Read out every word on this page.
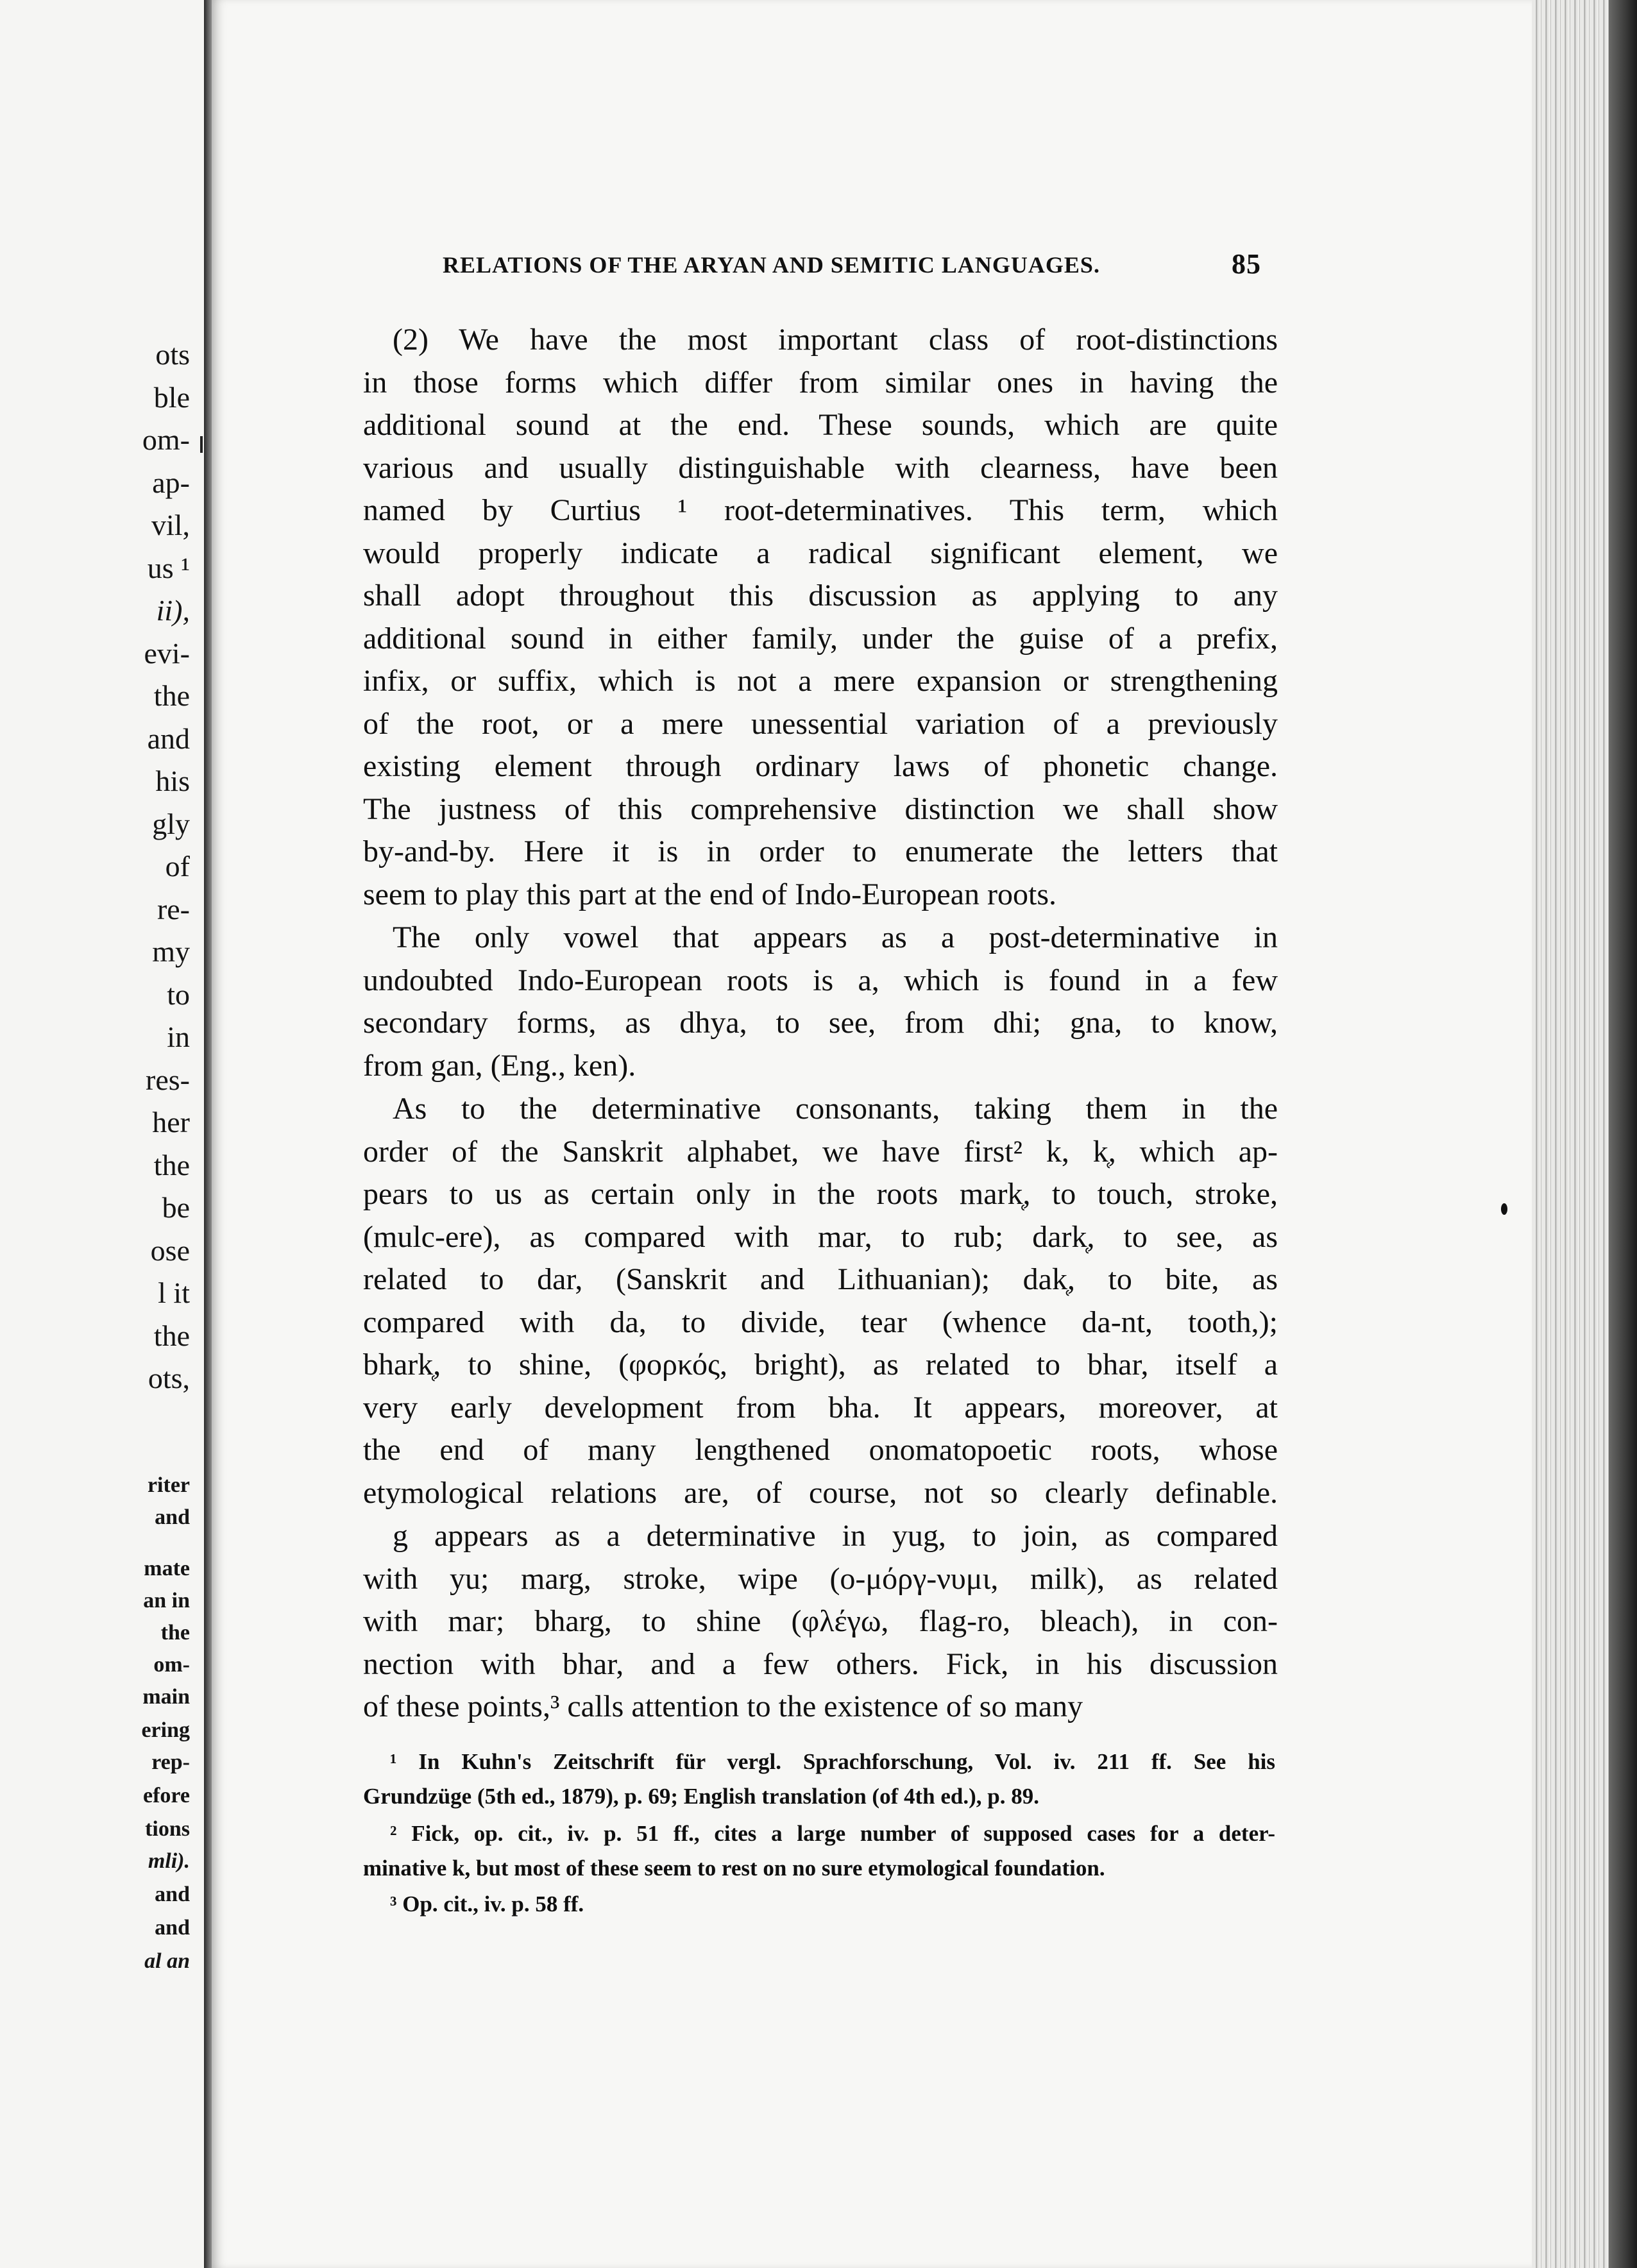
ots
ble
om-
ap-
vil,
us ¹
ii),
evi-
the
and
his
gly
of
re-
my
to
in
res-
her
the
be
ose
l it
the
ots,
riter
and
mate
an in
the
om-
main
ering
rep-
efore
tions
mli).
and
and
al an
RELATIONS OF THE ARYAN AND SEMITIC LANGUAGES.	85
(2) We have the most important class of root-distinctions
in those forms which differ from similar ones in having the
additional sound at the end. These sounds, which are quite
various and usually distinguishable with clearness, have been
named by Curtius ¹ root-determinatives. This term, which
would properly indicate a radical significant element, we
shall adopt throughout this discussion as applying to any
additional sound in either family, under the guise of a prefix,
infix, or suffix, which is not a mere expansion or strengthening
of the root, or a mere unessential variation of a previously
existing element through ordinary laws of phonetic change.
The justness of this comprehensive distinction we shall show
by-and-by. Here it is in order to enumerate the letters that
seem to play this part at the end of Indo-European roots.
The only vowel that appears as a post-determinative in
undoubted Indo-European roots is a, which is found in a few
secondary forms, as dhya, to see, from dhi; gna, to know,
from gan, (Eng., ken).
As to the determinative consonants, taking them in the
order of the Sanskrit alphabet, we have first² k, k̜, which ap-
pears to us as certain only in the roots mark̜, to touch, stroke,
(mulc-ere), as compared with mar, to rub; dark̜, to see, as
related to dar, (Sanskrit and Lithuanian); dak̜, to bite, as
compared with da, to divide, tear (whence da-nt, tooth,);
bhark̜, to shine, (φορκός, bright), as related to bhar, itself a
very early development from bha. It appears, moreover, at
the end of many lengthened onomatopoetic roots, whose
etymological relations are, of course, not so clearly definable.
g appears as a determinative in yug, to join, as compared
with yu; marg, stroke, wipe (ο-μόργ-νυμι, milk), as related
with mar; bharg, to shine (φλέγω, flag-ro, bleach), in con-
nection with bhar, and a few others. Fick, in his discussion
of these points,³ calls attention to the existence of so many
¹ In Kuhn's Zeitschrift für vergl. Sprachforschung, Vol. iv. 211 ff. See his
Grundzüge (5th ed., 1879), p. 69; English translation (of 4th ed.), p. 89.
² Fick, op. cit., iv. p. 51 ff., cites a large number of supposed cases for a deter-
minative k, but most of these seem to rest on no sure etymological foundation.
³ Op. cit., iv. p. 58 ff.
